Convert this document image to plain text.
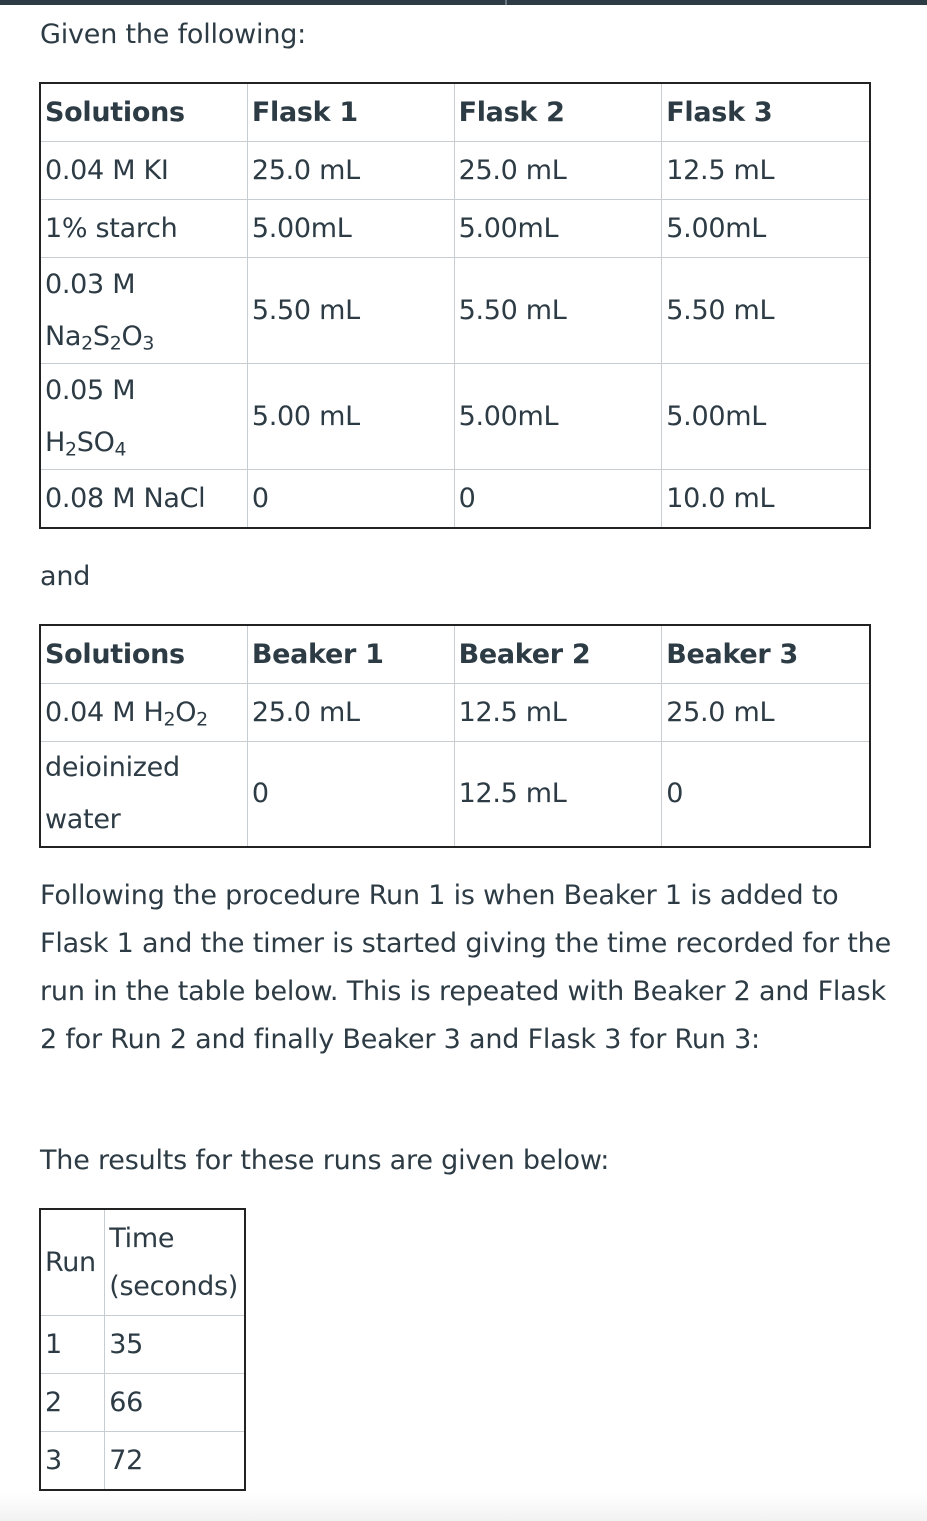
Given the following:

Solutions	Flask 1	Flask 2	Flask 3
0.04 M KI	25.0 mL	25.0 mL	12.5 mL
1% starch	5.00mL	5.00mL	5.00mL
0.03 M
$Na_2S_2O_3$	5.50 mL	5.50 mL	5.50 mL
0.05 M
$H_2SO_4$	5.00 mL	5.00mL	5.00mL
0.08 M NaCl	0	0	10.0 mL

and

Solutions	Beaker 1	Beaker 2	Beaker 3
0.04 M $H_2O_2$	25.0 mL	12.5 mL	25.0 mL
deioinized
water	0	12.5 mL	0

Following the procedure Run 1 is when Beaker 1 is added to Flask 1 and the timer is started giving the time recorded for the run in the table below. This is repeated with Beaker 2 and Flask 2 for Run 2 and finally Beaker 3 and Flask 3 for Run 3:

The results for these runs are given below:

Run	Time
(seconds)
1	35
2	66
3	72
